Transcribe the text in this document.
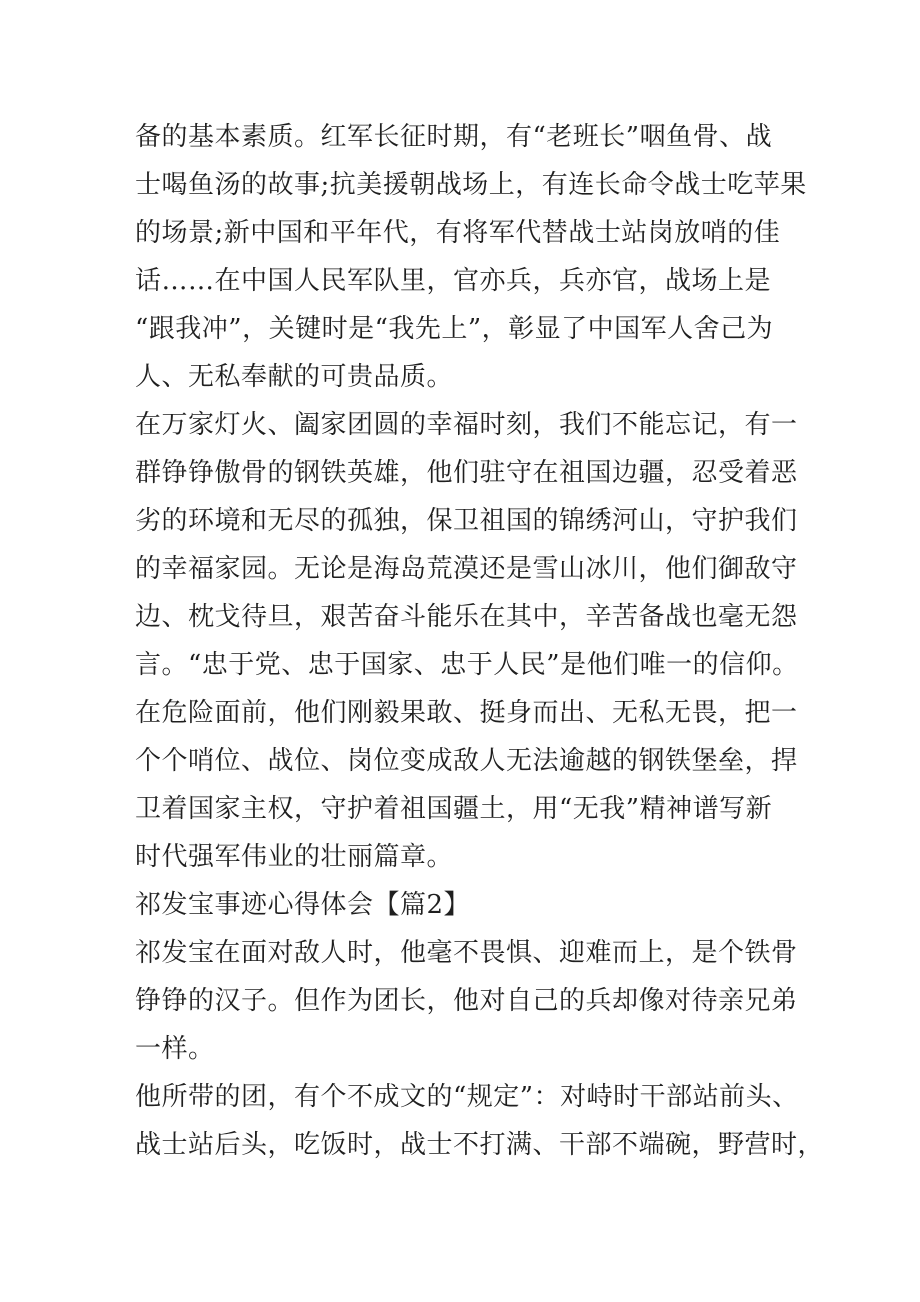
备的基本素质。红军长征时期，有“老班长”咽鱼骨、战
士喝鱼汤的故事;抗美援朝战场上，有连长命令战士吃苹果
的场景;新中国和平年代，有将军代替战士站岗放哨的佳
话……在中国人民军队里，官亦兵，兵亦官，战场上是
“跟我冲”，关键时是“我先上”，彰显了中国军人舍己为
人、无私奉献的可贵品质。
在万家灯火、阖家团圆的幸福时刻，我们不能忘记，有一
群铮铮傲骨的钢铁英雄，他们驻守在祖国边疆，忍受着恶
劣的环境和无尽的孤独，保卫祖国的锦绣河山，守护我们
的幸福家园。无论是海岛荒漠还是雪山冰川，他们御敌守
边、枕戈待旦，艰苦奋斗能乐在其中，辛苦备战也毫无怨
言。“忠于党、忠于国家、忠于人民”是他们唯一的信仰。
在危险面前，他们刚毅果敢、挺身而出、无私无畏，把一
个个哨位、战位、岗位变成敌人无法逾越的钢铁堡垒，捍
卫着国家主权，守护着祖国疆土，用“无我”精神谱写新
时代强军伟业的壮丽篇章。
祁发宝事迹心得体会【篇2】
祁发宝在面对敌人时，他毫不畏惧、迎难而上，是个铁骨
铮铮的汉子。但作为团长，他对自己的兵却像对待亲兄弟
一样。
他所带的团，有个不成文的“规定”：对峙时干部站前头、
战士站后头，吃饭时，战士不打满、干部不端碗，野营时，
